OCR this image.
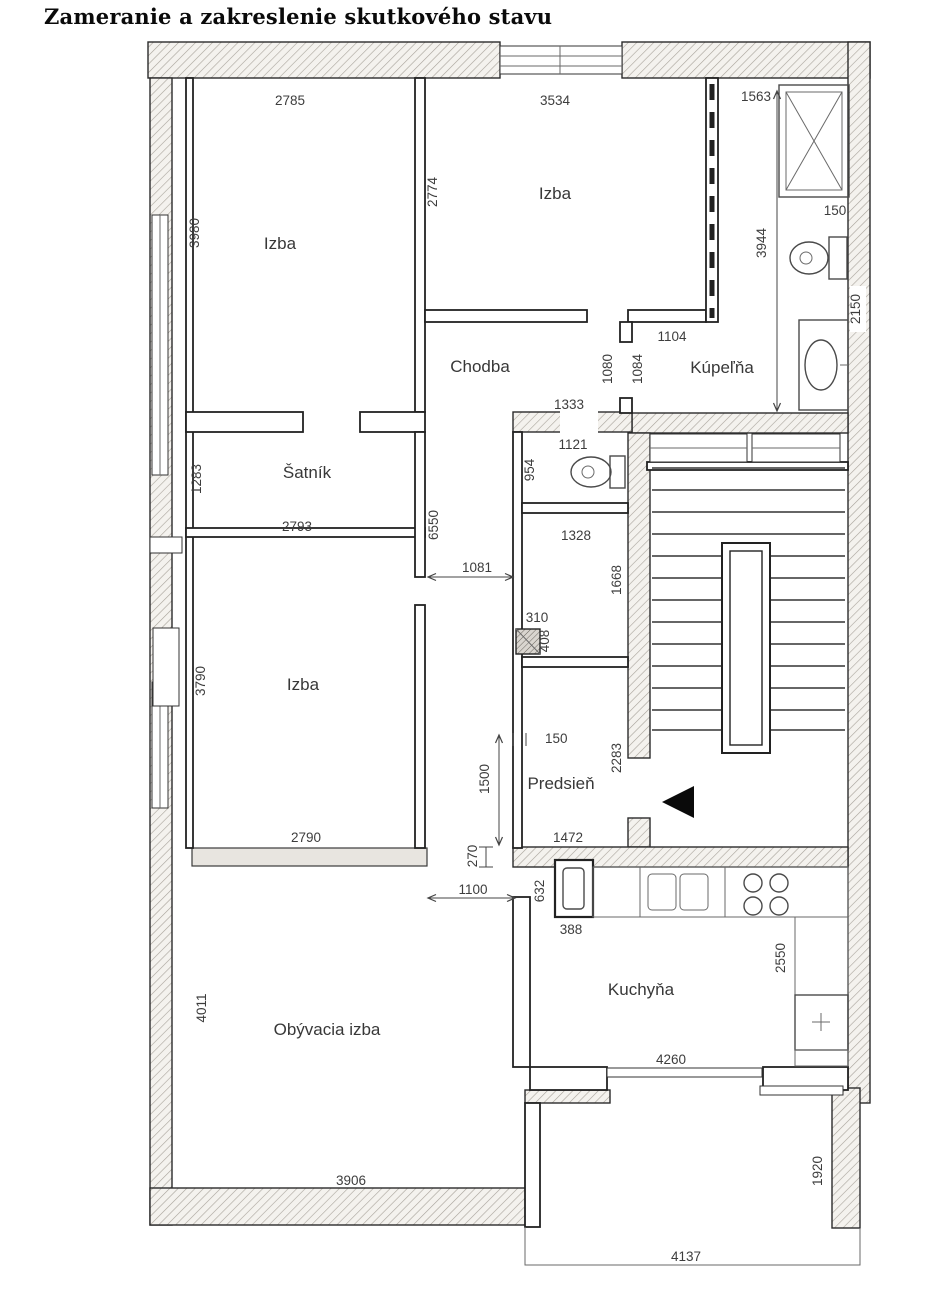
Zameranie a zakreslenie skutkového stavu
Izba
Izba
Chodba	Kúpeľňa
Šatník
Izba
Predsieň
Kuchyňa
Obývacia izba
2785	3534	1563
150
1104
1333
1121
2793
1328
1081
310
150
1472
1100
388
2790
4260
3906
4137
3980
2774
3944
2150
1080 1084
954
1283
6550
1668
408
3790
1500
2283
270
632
2550
4011
1920
